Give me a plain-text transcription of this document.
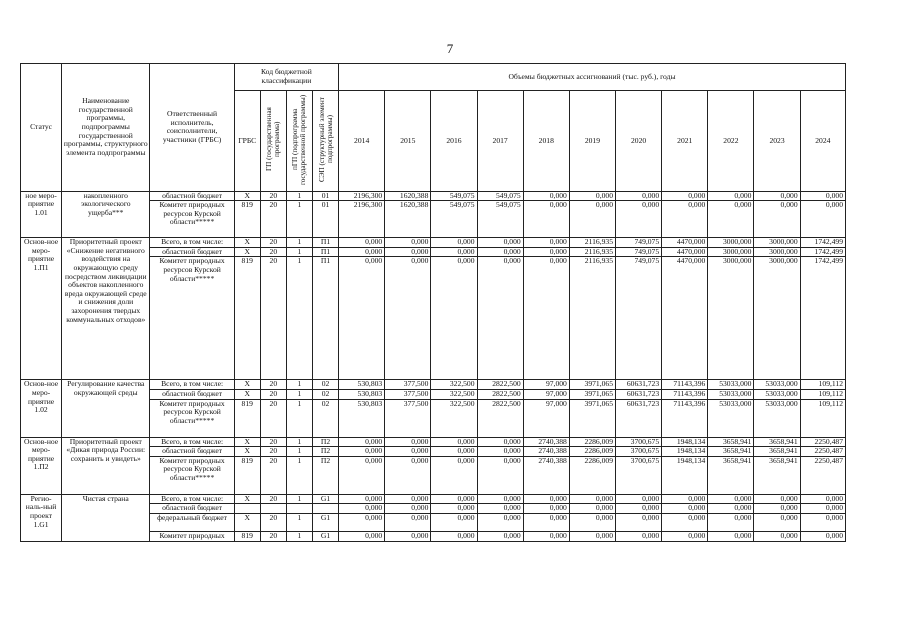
7
Статус	Наименование государственной программы, подпрограммы государственной программы, структурного элемента подпрограммы	Ответственный исполнитель, соисполнители, участники (ГРБС)	Код бюджетной классификации				Объемы бюджетных ассигнований (тыс. руб.), годы										
			ГРБС	ГП (государственная программа)	пГП (подпрограмма государственной программы)	СЭП (структурный элемент подпрограммы)	2014	2015	2016	2017	2018	2019	2020	2021	2022	2023	2024
ное меро-приятие 1.01	накопленного экологического ущерба***	областной бюджет	X	20	1	01	2196,300	1620,388	549,075	549,075	0,000	0,000	0,000	0,000	0,000	0,000	0,000
		Комитет природных ресурсов Курской области*****	819	20	1	01	2196,300	1620,388	549,075	549,075	0,000	0,000	0,000	0,000	0,000	0,000	0,000
Основ-ное меро-приятие 1.П1	Приоритетный проект «Снижение негативного воздействия на окружающую среду посредством ликвидации объектов накопленного вреда окружающей среде и снижения доли захоронения твердых коммунальных отходов»	Всего, в том числе:	X	20	1	П1	0,000	0,000	0,000	0,000	0,000	2116,935	749,075	4470,000	3000,000	3000,000	1742,499
		областной бюджет	X	20	1	П1	0,000	0,000	0,000	0,000	0,000	2116,935	749,075	4470,000	3000,000	3000,000	1742,499
		Комитет природных ресурсов Курской области*****	819	20	1	П1	0,000	0,000	0,000	0,000	0,000	2116,935	749,075	4470,000	3000,000	3000,000	1742,499
Основ-ное меро-приятие 1.02	Регулирование качества окружающей среды	Всего, в том числе:	X	20	1	02	530,803	377,500	322,500	2822,500	97,000	3971,065	60631,723	71143,396	53033,000	53033,000	109,112
		областной бюджет	X	20	1	02	530,803	377,500	322,500	2822,500	97,000	3971,065	60631,723	71143,396	53033,000	53033,000	109,112
		Комитет природных ресурсов Курской области*****	819	20	1	02	530,803	377,500	322,500	2822,500	97,000	3971,065	60631,723	71143,396	53033,000	53033,000	109,112
Основ-ное меро-приятие 1.П2	Приоритетный проект «Дикая природа России: сохранить и увидеть»	Всего, в том числе:	X	20	1	П2	0,000	0,000	0,000	0,000	2740,388	2286,009	3700,675	1948,134	3658,941	3658,941	2250,487
		областной бюджет	X	20	1	П2	0,000	0,000	0,000	0,000	2740,388	2286,009	3700,675	1948,134	3658,941	3658,941	2250,487
		Комитет природных ресурсов Курской области*****	819	20	1	П2	0,000	0,000	0,000	0,000	2740,388	2286,009	3700,675	1948,134	3658,941	3658,941	2250,487
Регио-наль-ный проект 1.G1	Чистая страна	Всего, в том числе:	X	20	1	G1	0,000	0,000	0,000	0,000	0,000	0,000	0,000	0,000	0,000	0,000	0,000
		областной бюджет					0,000	0,000	0,000	0,000	0,000	0,000	0,000	0,000	0,000	0,000	0,000
		федеральный бюджет	X	20	1	G1	0,000	0,000	0,000	0,000	0,000	0,000	0,000	0,000	0,000	0,000	0,000
		Комитет природных	819	20	1	G1	0,000	0,000	0,000	0,000	0,000	0,000	0,000	0,000	0,000	0,000	0,000
